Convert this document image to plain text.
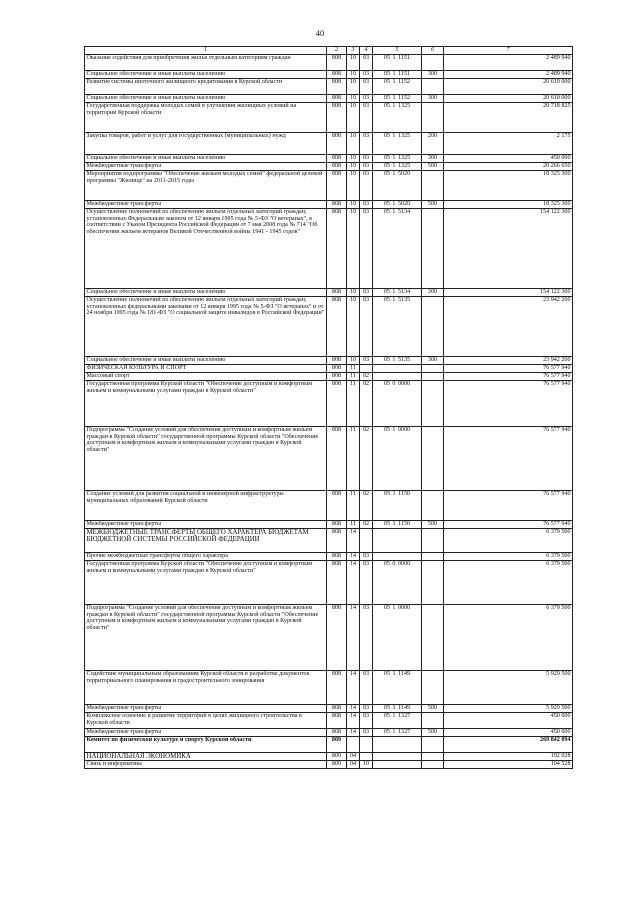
40
1	2	3	4	5	6	7
Оказание содействия для приобретения жилья отдельным категориям граждан	808	10	03	05 1 1151		2 489 940
Социальное обеспечение и иные выплаты населению	808	10	03	05 1 1151	300	2 489 940
Развитие системы ипотечного жилищного кредитования в Курской области	808	10	03	05 1 1152		20 610 000
Социальное обеспечение и иные выплаты населению	808	10	03	05 1 1152	300	20 610 000
Государственная поддержка молодых семей в улучшении жилищных условий на территории Курской области	808	10	03	05 1 1325		20 718 825
Закупка товаров, работ и услуг для государственных (муниципальных) нужд	808	10	03	05 1 1325	200	2 175
Социальное обеспечение и иные выплаты населению	808	10	03	05 1 1325	300	450 000
Межбюджетные трансферты	808	10	03	05 1 1325	500	20 266 650
Мероприятия подпрограммы "Обеспечение жильем молодых семей" федеральной целевой программы "Жилище" на 2011-2015 годы	808	10	03	05 1 5020		18 325 300
Межбюджетные трансферты	808	10	03	05 1 5020	500	18 325 300
Осуществление полномочий по обеспечению жильем отдельных категорий граждан, установленных Федеральным законом от 12 января 1995 года № 5-ФЗ "О ветеранах", в соответствии с Указом Президента Российской Федерации от 7 мая 2008 года № 714 "Об обеспечении жильем ветеранов Великой Отечественной войны 1941 - 1945 годов"	808	10	03	05 1 5134		154 122 300
Социальное обеспечение и иные выплаты населению	808	10	03	05 1 5134	300	154 122 300
Осуществление полномочий по обеспечению жильем отдельных категорий граждан, установленных федеральными законами от 12 января 1995 года № 5-ФЗ "О ветеранах" и от 24 ноября 1995 года № 181-ФЗ "О социальной защите инвалидов в Российской Федерации"	808	10	03	05 1 5135		23 942 200
Социальное обеспечение и иные выплаты населению	808	10	03	05 1 5135	300	23 942 200
ФИЗИЧЕСКАЯ КУЛЬТУРА И СПОРТ	808	11				76 577 940
Массовый спорт	808	11	02			76 577 940
Государственная программа Курской области "Обеспечение доступным и комфортным жильем и коммунальными услугами граждан в Курской области"	808	11	02	05 0 0000		76 577 940
Подпрограмма "Создание условий для обеспечения доступным и комфортным жильем граждан в Курской области" государственной программы Курской области "Обеспечение доступным и комфортным жильем и коммунальными услугами граждан в Курской области"	808	11	02	05 1 0000		76 577 940
Создание условий для развития социальной и инженерной инфраструктуры муниципальных образований Курской области	808	11	02	05 1 1150		76 577 940
Межбюджетные трансферты	808	11	02	05 1 1150	500	76 577 940
МЕЖБЮДЖЕТНЫЕ ТРАНСФЕРТЫ ОБЩЕГО ХАРАКТЕРА БЮДЖЕТАМ БЮДЖЕТНОЙ СИСТЕМЫ РОССИЙСКОЙ ФЕДЕРАЦИИ	808	14				6 379 500
Прочие межбюджетные трансферты общего характера	808	14	03			6 379 500
Государственная программа Курской области "Обеспечение доступным и комфортным жильем и коммунальными услугами граждан в Курской области"	808	14	03	05 0 0000		6 379 500
Подпрограмма "Создание условий для обеспечения доступным и комфортным жильем граждан в Курской области" государственной программы Курской области "Обеспечение доступным и комфортным жильем и коммунальными услугами граждан в Курской области"	808	14	03	05 1 0000		6 379 500
Содействие муниципальным образованиям Курской области в разработке документов территориального планирования и градостроительного зонирования	808	14	03	05 1 1149		5 929 500
Межбюджетные трансферты	808	14	03	05 1 1149	500	5 929 500
Комплексное освоение и развитие территорий в целях жилищного строительства в Курской области	808	14	03	05 1 1327		450 000
Межбюджетные трансферты	808	14	03	05 1 1327	500	450 000
Комитет по физической культуре и спорту Курской области	809					269 842 094
НАЦИОНАЛЬНАЯ ЭКОНОМИКА	809	04				192 028
Связь и информатика	809	04	10			104 528
